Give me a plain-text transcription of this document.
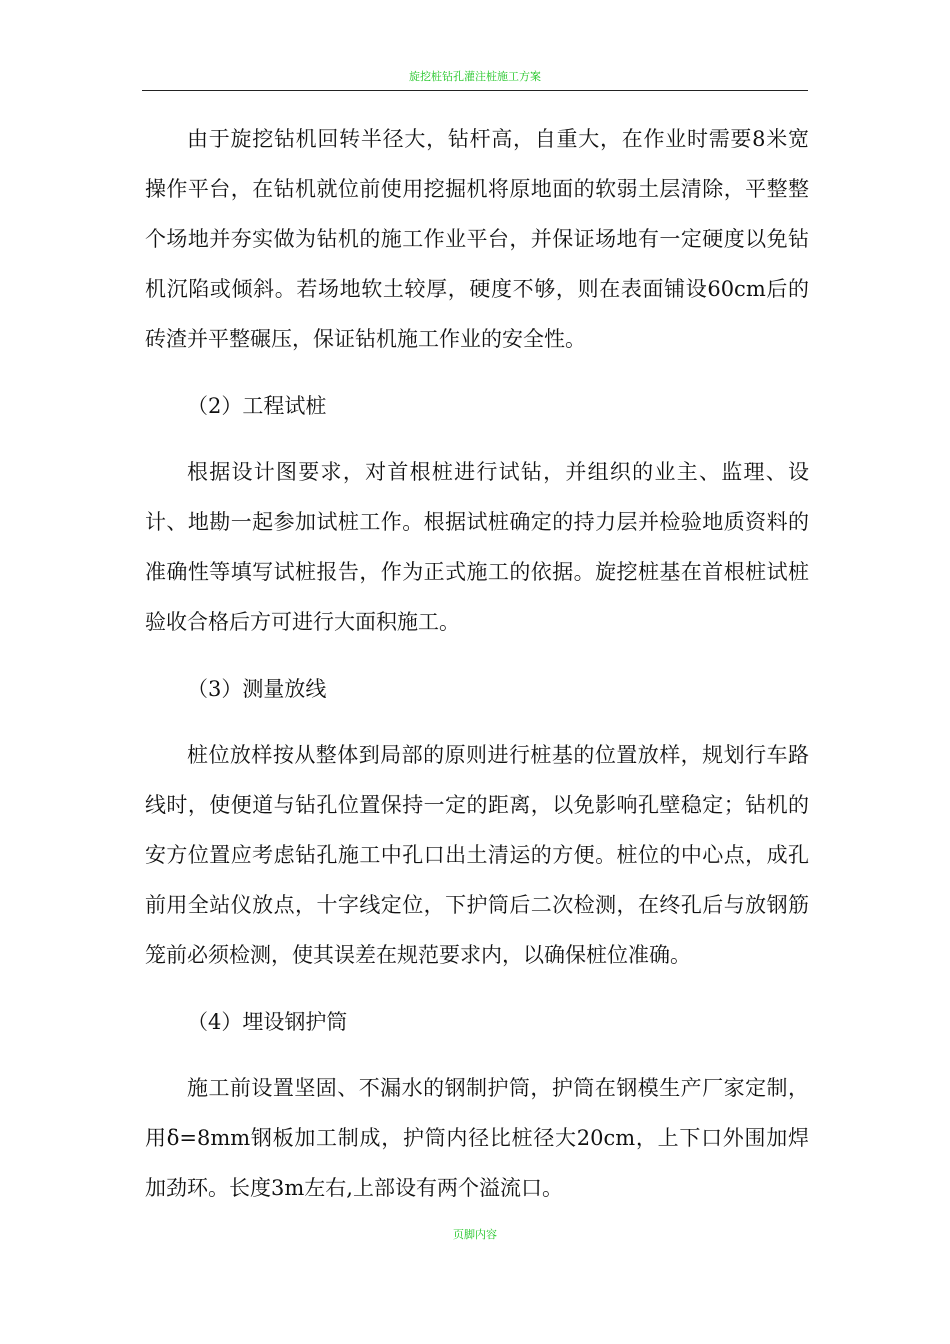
旋挖桩钻孔灌注桩施工方案

由于旋挖钻机回转半径大，钻杆高，自重大，在作业时需要8米宽操作平台，在钻机就位前使用挖掘机将原地面的软弱土层清除，平整整个场地并夯实做为钻机的施工作业平台，并保证场地有一定硬度以免钻机沉陷或倾斜。若场地软土较厚，硬度不够，则在表面铺设60cm后的砖渣并平整碾压，保证钻机施工作业的安全性。

（2）工程试桩

根据设计图要求，对首根桩进行试钻，并组织的业主、监理、设计、地勘一起参加试桩工作。根据试桩确定的持力层并检验地质资料的准确性等填写试桩报告，作为正式施工的依据。旋挖桩基在首根桩试桩验收合格后方可进行大面积施工。

（3）测量放线

桩位放样按从整体到局部的原则进行桩基的位置放样，规划行车路线时，使便道与钻孔位置保持一定的距离，以免影响孔壁稳定；钻机的安方位置应考虑钻孔施工中孔口出土清运的方便。桩位的中心点，成孔前用全站仪放点，十字线定位，下护筒后二次检测，在终孔后与放钢筋笼前必须检测，使其误差在规范要求内，以确保桩位准确。

（4）埋设钢护筒

施工前设置坚固、不漏水的钢制护筒，护筒在钢模生产厂家定制，用δ=8mm钢板加工制成，护筒内径比桩径大20cm，上下口外围加焊加劲环。长度3m左右,上部设有两个溢流口。

页脚内容
